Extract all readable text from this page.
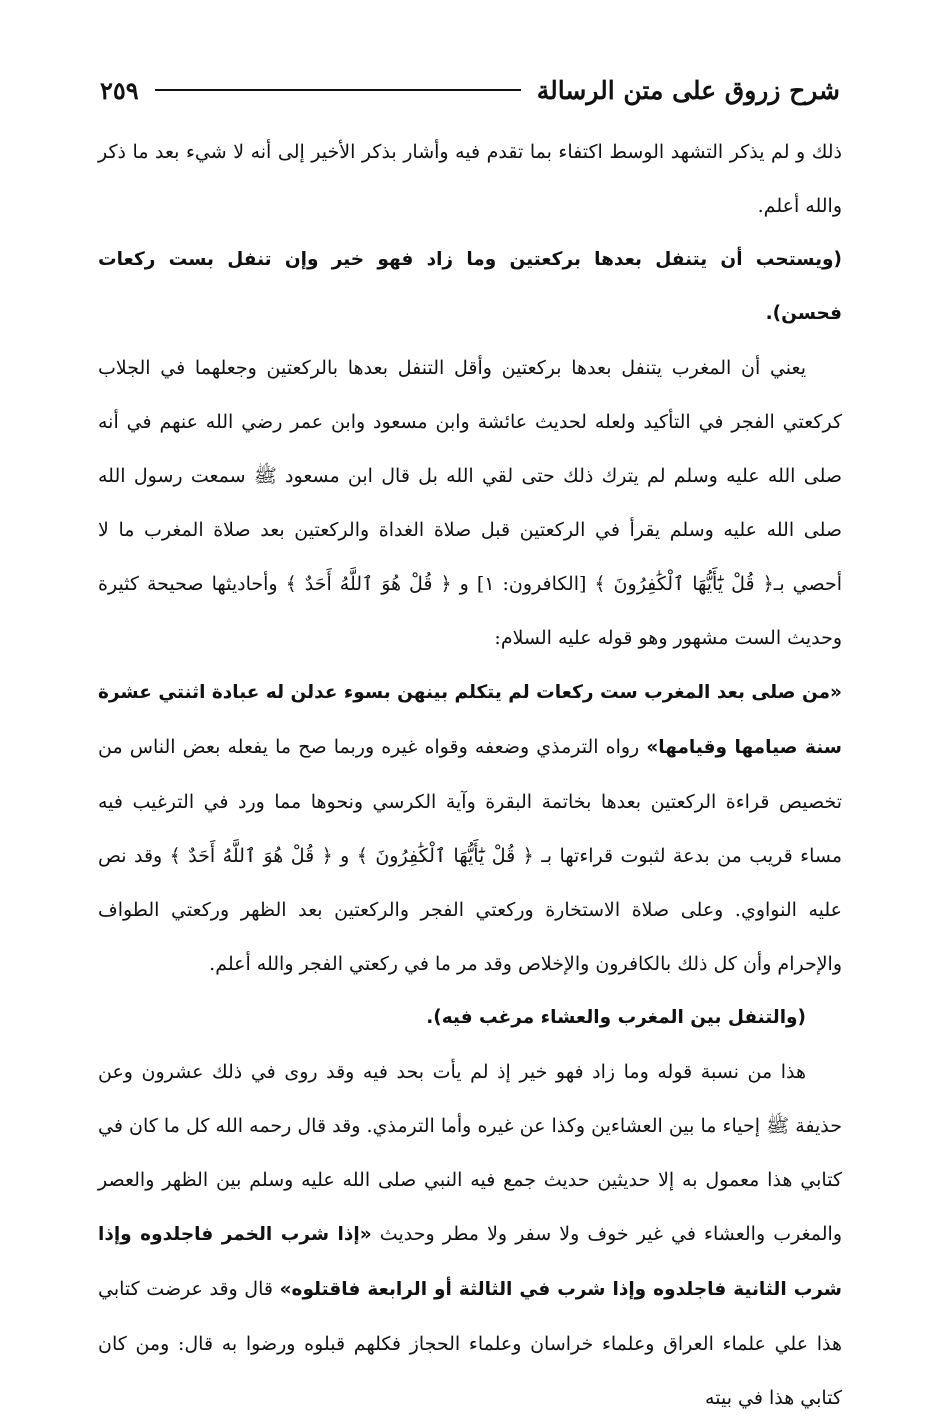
شرح زروق على متن الرسالة
٢٥٩

ذلك و لم يذكر التشهد الوسط اكتفاء بما تقدم فيه وأشار بذكر الأخير إلى أنه لا شيء بعد ما ذكر والله أعلم.

(ويستحب أن يتنفل بعدها بركعتين وما زاد فهو خير وإن تنفل بست ركعات فحسن).

يعني أن المغرب يتنفل بعدها بركعتين وأقل التنفل بعدها بالركعتين وجعلهما في الجلاب كركعتي الفجر في التأكيد ولعله لحديث عائشة وابن مسعود وابن عمر رضي الله عنهم في أنه صلى الله عليه وسلم لم يترك ذلك حتى لقي الله بل قال ابن مسعود ﷺ سمعت رسول الله صلى الله عليه وسلم يقرأ في الركعتين قبل صلاة الغداة والركعتين بعد صلاة المغرب ما لا أحصي بـ﴿ قُلْ يَٰٓأَيُّهَا ٱلْكَٰفِرُونَ ﴾ [الكافرون: ١] و ﴿ قُلْ هُوَ ٱللَّهُ أَحَدٌ ﴾ وأحاديثها صحيحة كثيرة وحديث الست مشهور وهو قوله عليه السلام:

«من صلى بعد المغرب ست ركعات لم يتكلم بينهن بسوء عدلن له عبادة اثنتي عشرة سنة صيامها وقيامها» رواه الترمذي وضعفه وقواه غيره وربما صح ما يفعله بعض الناس من تخصيص قراءة الركعتين بعدها بخاتمة البقرة وآية الكرسي ونحوها مما ورد في الترغيب فيه مساء قريب من بدعة لثبوت قراءتها بـ ﴿ قُلْ يَٰٓأَيُّهَا ٱلْكَٰفِرُونَ ﴾ و ﴿ قُلْ هُوَ ٱللَّهُ أَحَدٌ ﴾ وقد نص عليه النواوي. وعلى صلاة الاستخارة وركعتي الفجر والركعتين بعد الظهر وركعتي الطواف والإحرام وأن كل ذلك بالكافرون والإخلاص وقد مر ما في ركعتي الفجر والله أعلم.

(والتنفل بين المغرب والعشاء مرغب فيه).

هذا من نسبة قوله وما زاد فهو خير إذ لم يأت بحد فيه وقد روى في ذلك عشرون وعن حذيفة ﷺ إحياء ما بين العشاءين وكذا عن غيره وأما الترمذي. وقد قال رحمه الله كل ما كان في كتابي هذا معمول به إلا حديثين حديث جمع فيه النبي صلى الله عليه وسلم بين الظهر والعصر والمغرب والعشاء في غير خوف ولا سفر ولا مطر وحديث «إذا شرب الخمر فاجلدوه وإذا شرب الثانية فاجلدوه وإذا شرب في الثالثة أو الرابعة فاقتلوه» قال وقد عرضت كتابي هذا علي علماء العراق وعلماء خراسان وعلماء الحجاز فكلهم قبلوه ورضوا به قال: ومن كان كتابي هذا في بيته
